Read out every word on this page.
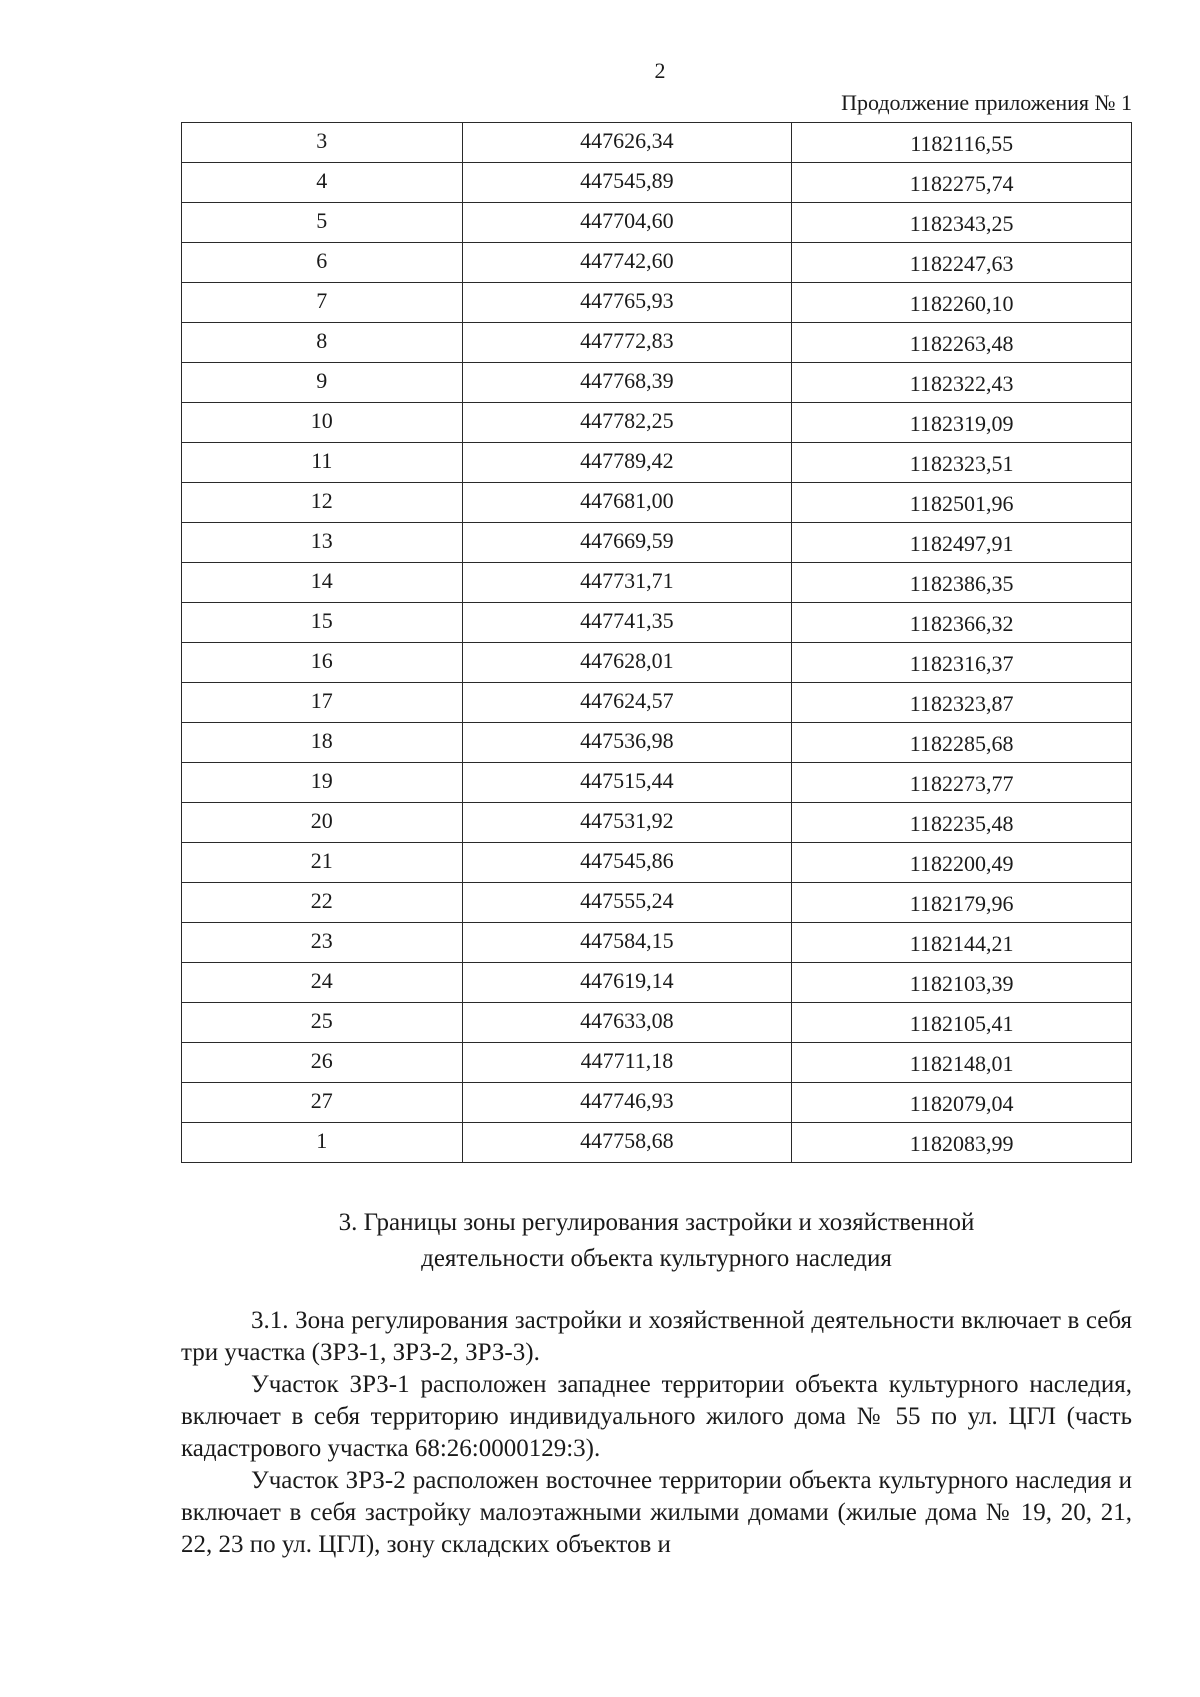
2
Продолжение приложения № 1
3	447626,34	1182116,55
4	447545,89	1182275,74
5	447704,60	1182343,25
6	447742,60	1182247,63
7	447765,93	1182260,10
8	447772,83	1182263,48
9	447768,39	1182322,43
10	447782,25	1182319,09
11	447789,42	1182323,51
12	447681,00	1182501,96
13	447669,59	1182497,91
14	447731,71	1182386,35
15	447741,35	1182366,32
16	447628,01	1182316,37
17	447624,57	1182323,87
18	447536,98	1182285,68
19	447515,44	1182273,77
20	447531,92	1182235,48
21	447545,86	1182200,49
22	447555,24	1182179,96
23	447584,15	1182144,21
24	447619,14	1182103,39
25	447633,08	1182105,41
26	447711,18	1182148,01
27	447746,93	1182079,04
1	447758,68	1182083,99
3. Границы зоны регулирования застройки и хозяйственной
деятельности объекта культурного наследия

3.1. Зона регулирования застройки и хозяйственной деятельности включает в себя три участка (ЗРЗ-1, ЗРЗ-2, ЗРЗ-3).

Участок ЗРЗ-1 расположен западнее территории объекта культурного наследия, включает в себя территорию индивидуального жилого дома № 55 по ул. ЦГЛ (часть кадастрового участка 68:26:0000129:3).

Участок ЗРЗ-2 расположен восточнее территории объекта культурного наследия и включает в себя застройку малоэтажными жилыми домами (жилые дома № 19, 20, 21, 22, 23 по ул. ЦГЛ), зону складских объектов и
